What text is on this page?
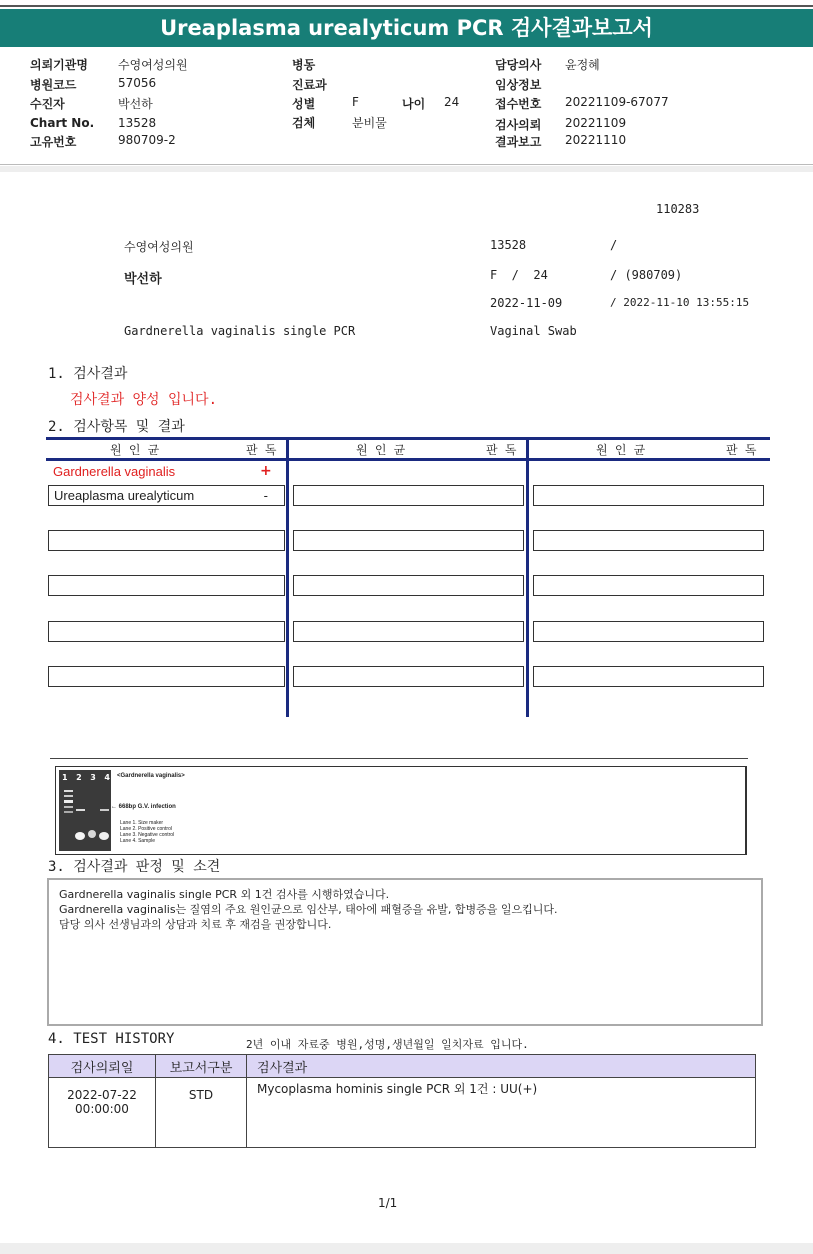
Ureaplasma urealyticum PCR 검사결과보고서
의뢰기관명	수영여성의원
병원코드	57056
수진자	박선하
Chart No. 13528
고유번호	980709-2
병동
진료과
성별	F	나이 24
검체	분비물
담당의사 윤정혜
임상정보
접수번호 20221109-67077
검사의뢰 20221109
결과보고 20221110
110283
수영여성의원	13528	/
박선하	F  /  24	/ (980709)
2022-11-09	/ 2022-11-10 13:55:15
Gardnerella vaginalis single PCR	Vaginal Swab
1. 검사결과
검사결과 양성 입니다.
2. 검사항목 및 결과
원 인 균	판 독	원 인 균	판 독	원 인 균	판 독
Gardnerella vaginalis	+
Ureaplasma urealyticum	-
1 2 3 4 <Gardnerella vaginalis>
← 668bp G.V. infection
Lane 1. Size maker
Lane 2. Positive control
Lane 3. Negative control
Lane 4. Sample
3. 검사결과 판정 및 소견
Gardnerella vaginalis single PCR 외 1건 검사를 시행하였습니다.
Gardnerella vaginalis는 질염의 주요 원인균으로 임산부, 태아에 패혈증을 유발, 합병증을 일으킵니다.
담당 의사 선생님과의 상담과 치료 후 재검을 권장합니다.
4. TEST HISTORY	2년 이내 자료중 병원,성명,생년월일 일치자료 입니다.
검사의뢰일	보고서구분	검사결과

2022-07-22
00:00:00	STD	Mycoplasma hominis single PCR 외 1건 : UU(+)
1/1
